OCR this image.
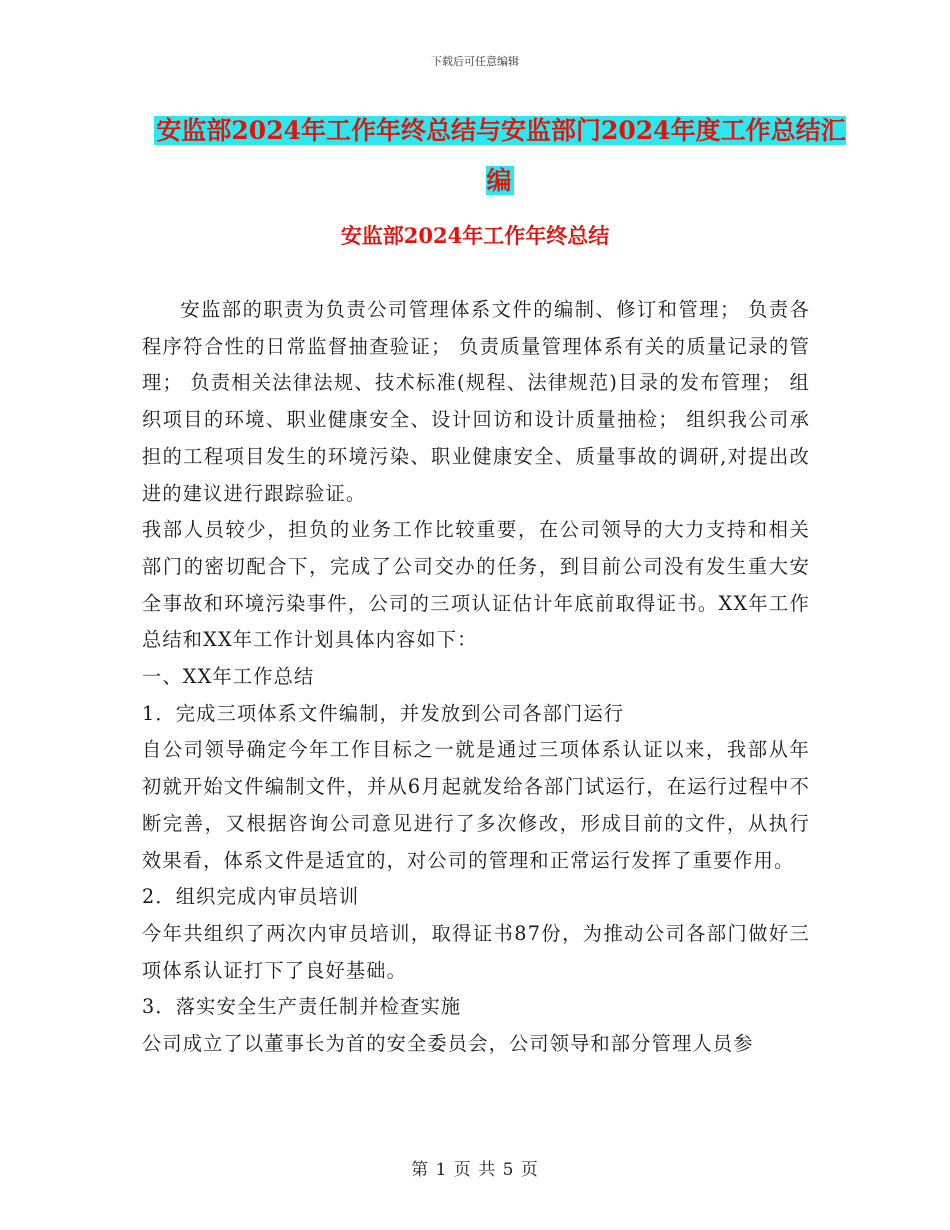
下载后可任意编辑
安监部2024年工作年终总结与安监部门2024年度工作总结汇编
安监部2024年工作年终总结

安监部的职责为负责公司管理体系文件的编制、修订和管理； 负责各程序符合性的日常监督抽查验证； 负责质量管理体系有关的质量记录的管理； 负责相关法律法规、技术标准(规程、法律规范)目录的发布管理； 组织项目的环境、职业健康安全、设计回访和设计质量抽检； 组织我公司承担的工程项目发生的环境污染、职业健康安全、质量事故的调研,对提出改进的建议进行跟踪验证。

我部人员较少，担负的业务工作比较重要，在公司领导的大力支持和相关部门的密切配合下，完成了公司交办的任务，到目前公司没有发生重大安全事故和环境污染事件，公司的三项认证估计年底前取得证书。XX年工作总结和XX年工作计划具体内容如下：

一、XX年工作总结

1．完成三项体系文件编制，并发放到公司各部门运行

自公司领导确定今年工作目标之一就是通过三项体系认证以来，我部从年初就开始文件编制文件，并从6月起就发给各部门试运行，在运行过程中不断完善，又根据咨询公司意见进行了多次修改，形成目前的文件，从执行效果看，体系文件是适宜的，对公司的管理和正常运行发挥了重要作用。

2．组织完成内审员培训

今年共组织了两次内审员培训，取得证书87份，为推动公司各部门做好三项体系认证打下了良好基础。

3．落实安全生产责任制并检查实施

公司成立了以董事长为首的安全委员会，公司领导和部分管理人员参

第 1 页 共 5 页
